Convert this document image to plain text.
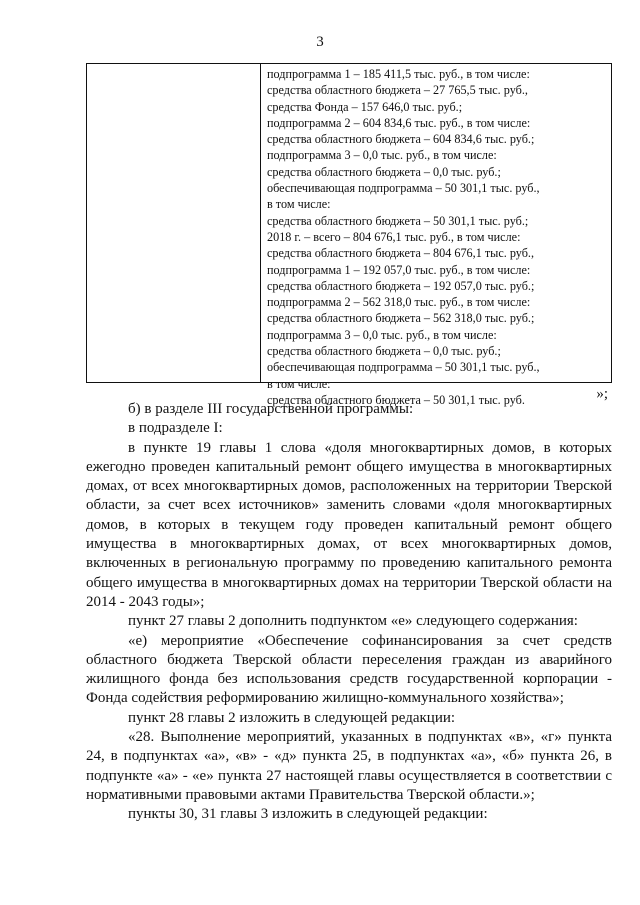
3
подпрограмма 1 – 185 411,5 тыс. руб., в том числе:
средства областного бюджета – 27 765,5 тыс. руб.,
средства Фонда – 157 646,0 тыс. руб.;
подпрограмма 2 – 604 834,6 тыс. руб., в том числе:
средства областного бюджета – 604 834,6 тыс. руб.;
подпрограмма 3 – 0,0 тыс. руб., в том числе:
средства областного бюджета – 0,0 тыс. руб.;
обеспечивающая подпрограмма – 50 301,1 тыс. руб.,
в том числе:
средства областного бюджета – 50 301,1 тыс. руб.;
2018 г. – всего – 804 676,1 тыс. руб., в том числе:
средства областного бюджета – 804 676,1 тыс. руб.,
подпрограмма 1 – 192 057,0 тыс. руб., в том числе:
средства областного бюджета – 192 057,0 тыс. руб.;
подпрограмма 2 – 562 318,0 тыс. руб., в том числе:
средства областного бюджета – 562 318,0 тыс. руб.;
подпрограмма 3 – 0,0 тыс. руб., в том числе:
средства областного бюджета – 0,0 тыс. руб.;
обеспечивающая подпрограмма – 50 301,1 тыс. руб.,
в том числе:
средства областного бюджета – 50 301,1 тыс. руб.	»;

б) в разделе III государственной программы:

в подразделе I:

в пункте 19 главы 1 слова «доля многоквартирных домов, в которых ежегодно проведен капитальный ремонт общего имущества в многоквартирных домах, от всех многоквартирных домов, расположенных на территории Тверской области, за счет всех источников» заменить словами «доля многоквартирных домов, в которых в текущем году проведен капитальный ремонт общего имущества в многоквартирных домах, от всех многоквартирных домов, включенных в региональную программу по проведению капитального ремонта общего имущества в многоквартирных домах на территории Тверской области на 2014 - 2043 годы»;

пункт 27 главы 2 дополнить подпунктом «е» следующего содержания:

«е) мероприятие «Обеспечение софинансирования за счет средств областного бюджета Тверской области переселения граждан из аварийного жилищного фонда без использования средств государственной корпорации - Фонда содействия реформированию жилищно-коммунального хозяйства»;

пункт 28 главы 2 изложить в следующей редакции:

«28. Выполнение мероприятий, указанных в подпунктах «в», «г» пункта 24, в подпунктах «а», «в» - «д» пункта 25, в подпунктах «а», «б» пункта 26, в подпункте «а» - «е» пункта 27 настоящей главы осуществляется в соответствии с нормативными правовыми актами Правительства Тверской области.»;

пункты 30, 31 главы 3 изложить в следующей редакции:
